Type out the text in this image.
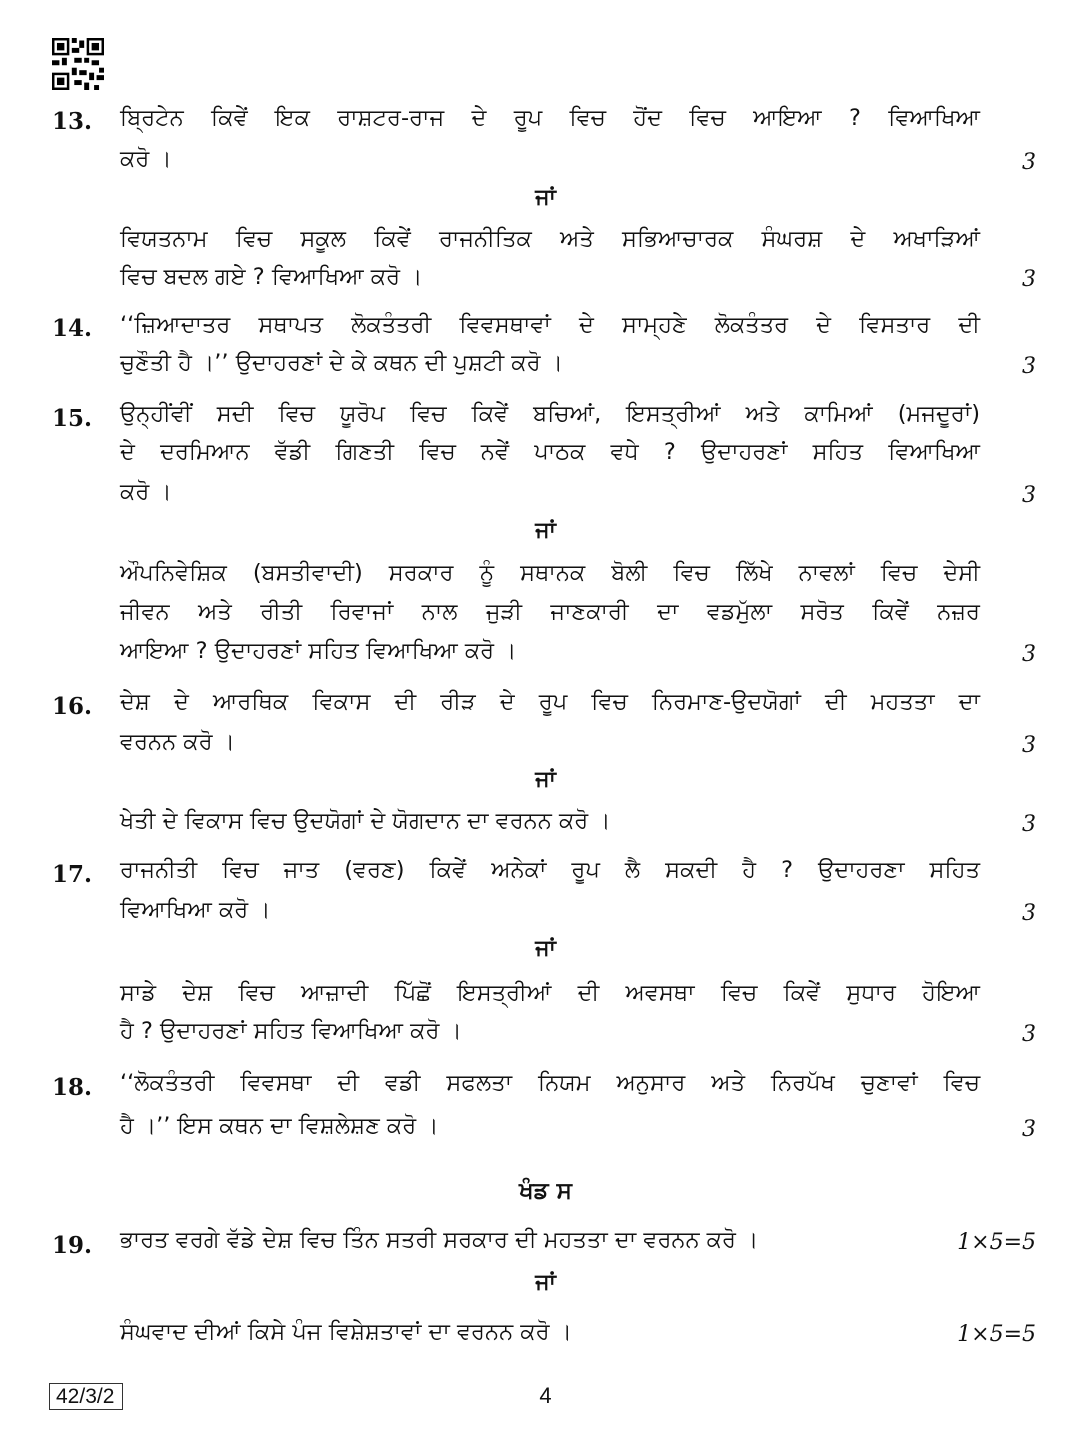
13. ਬ੍ਰਿਟੇਨ ਕਿਵੇਂ ਇਕ ਰਾਸ਼ਟਰ-ਰਾਜ ਦੇ ਰੂਪ ਵਿਚ ਹੋਂਦ ਵਿਚ ਆਇਆ ? ਵਿਆਖਿਆ
ਕਰੋ ।	3
ਜਾਂ
ਵਿਯਤਨਾਮ ਵਿਚ ਸਕੂਲ ਕਿਵੇਂ ਰਾਜਨੀਤਿਕ ਅਤੇ ਸਭਿਆਚਾਰਕ ਸੰਘਰਸ਼ ਦੇ ਅਖਾੜਿਆਂ
ਵਿਚ ਬਦਲ ਗਏ ? ਵਿਆਖਿਆ ਕਰੋ ।	3
14. ‘‘ਜ਼ਿਆਦਾਤਰ ਸਥਾਪਤ ਲੋਕਤੰਤਰੀ ਵਿਵਸਥਾਵਾਂ ਦੇ ਸਾਮ੍ਹਣੇ ਲੋਕਤੰਤਰ ਦੇ ਵਿਸਤਾਰ ਦੀ
ਚੁਣੌਤੀ ਹੈ ।’’ ਉਦਾਹਰਣਾਂ ਦੇ ਕੇ ਕਥਨ ਦੀ ਪੁਸ਼ਟੀ ਕਰੋ ।	3
15. ਉਨ੍ਹੀਂਵੀਂ ਸਦੀ ਵਿਚ ਯੂਰੋਪ ਵਿਚ ਕਿਵੇਂ ਬਚਿਆਂ, ਇਸਤ੍ਰੀਆਂ ਅਤੇ ਕਾਮਿਆਂ (ਮਜਦੂਰਾਂ)
ਦੇ ਦਰਮਿਆਨ ਵੱਡੀ ਗਿਣਤੀ ਵਿਚ ਨਵੇਂ ਪਾਠਕ ਵਧੇ ? ਉਦਾਹਰਣਾਂ ਸਹਿਤ ਵਿਆਖਿਆ
ਕਰੋ ।	3
ਜਾਂ
ਔਪਨਿਵੇਸ਼ਿਕ (ਬਸਤੀਵਾਦੀ) ਸਰਕਾਰ ਨੂੰ ਸਥਾਨਕ ਬੋਲੀ ਵਿਚ ਲਿੱਖੇ ਨਾਵਲਾਂ ਵਿਚ ਦੇਸੀ
ਜੀਵਨ ਅਤੇ ਰੀਤੀ ਰਿਵਾਜਾਂ ਨਾਲ ਜੁੜੀ ਜਾਣਕਾਰੀ ਦਾ ਵਡਮੁੱਲਾ ਸਰੋਤ ਕਿਵੇਂ ਨਜ਼ਰ
ਆਇਆ ? ਉਦਾਹਰਣਾਂ ਸਹਿਤ ਵਿਆਖਿਆ ਕਰੋ ।	3
16. ਦੇਸ਼ ਦੇ ਆਰਥਿਕ ਵਿਕਾਸ ਦੀ ਰੀੜ ਦੇ ਰੂਪ ਵਿਚ ਨਿਰਮਾਣ-ਉਦਯੋਗਾਂ ਦੀ ਮਹਤਤਾ ਦਾ
ਵਰਨਨ ਕਰੋ ।	3
ਜਾਂ
ਖੇਤੀ ਦੇ ਵਿਕਾਸ ਵਿਚ ਉਦਯੋਗਾਂ ਦੇ ਯੋਗਦਾਨ ਦਾ ਵਰਨਨ ਕਰੋ ।	3
17. ਰਾਜਨੀਤੀ ਵਿਚ ਜਾਤ (ਵਰਣ) ਕਿਵੇਂ ਅਨੇਕਾਂ ਰੂਪ ਲੈ ਸਕਦੀ ਹੈ ? ਉਦਾਹਰਣਾ ਸਹਿਤ
ਵਿਆਖਿਆ ਕਰੋ ।	3
ਜਾਂ
ਸਾਡੇ ਦੇਸ਼ ਵਿਚ ਆਜ਼ਾਦੀ ਪਿੱਛੋਂ ਇਸਤ੍ਰੀਆਂ ਦੀ ਅਵਸਥਾ ਵਿਚ ਕਿਵੇਂ ਸੁਧਾਰ ਹੋਇਆ
ਹੈ ? ਉਦਾਹਰਣਾਂ ਸਹਿਤ ਵਿਆਖਿਆ ਕਰੋ ।	3
18. ‘‘ਲੋਕਤੰਤਰੀ ਵਿਵਸਥਾ ਦੀ ਵਡੀ ਸਫਲਤਾ ਨਿਯਮ ਅਨੁਸਾਰ ਅਤੇ ਨਿਰਪੱਖ ਚੁਣਾਵਾਂ ਵਿਚ
ਹੈ ।’’ ਇਸ ਕਥਨ ਦਾ ਵਿਸ਼ਲੇਸ਼ਣ ਕਰੋ ।	3
ਖੰਡ ਸ
19. ਭਾਰਤ ਵਰਗੇ ਵੱਡੇ ਦੇਸ਼ ਵਿਚ ਤਿੰਨ ਸਤਰੀ ਸਰਕਾਰ ਦੀ ਮਹਤਤਾ ਦਾ ਵਰਨਨ ਕਰੋ ।	1×5=5
ਜਾਂ
ਸੰਘਵਾਦ ਦੀਆਂ ਕਿਸੇ ਪੰਜ ਵਿਸ਼ੇਸ਼ਤਾਵਾਂ ਦਾ ਵਰਨਨ ਕਰੋ ।	1×5=5
42/3/2	4
